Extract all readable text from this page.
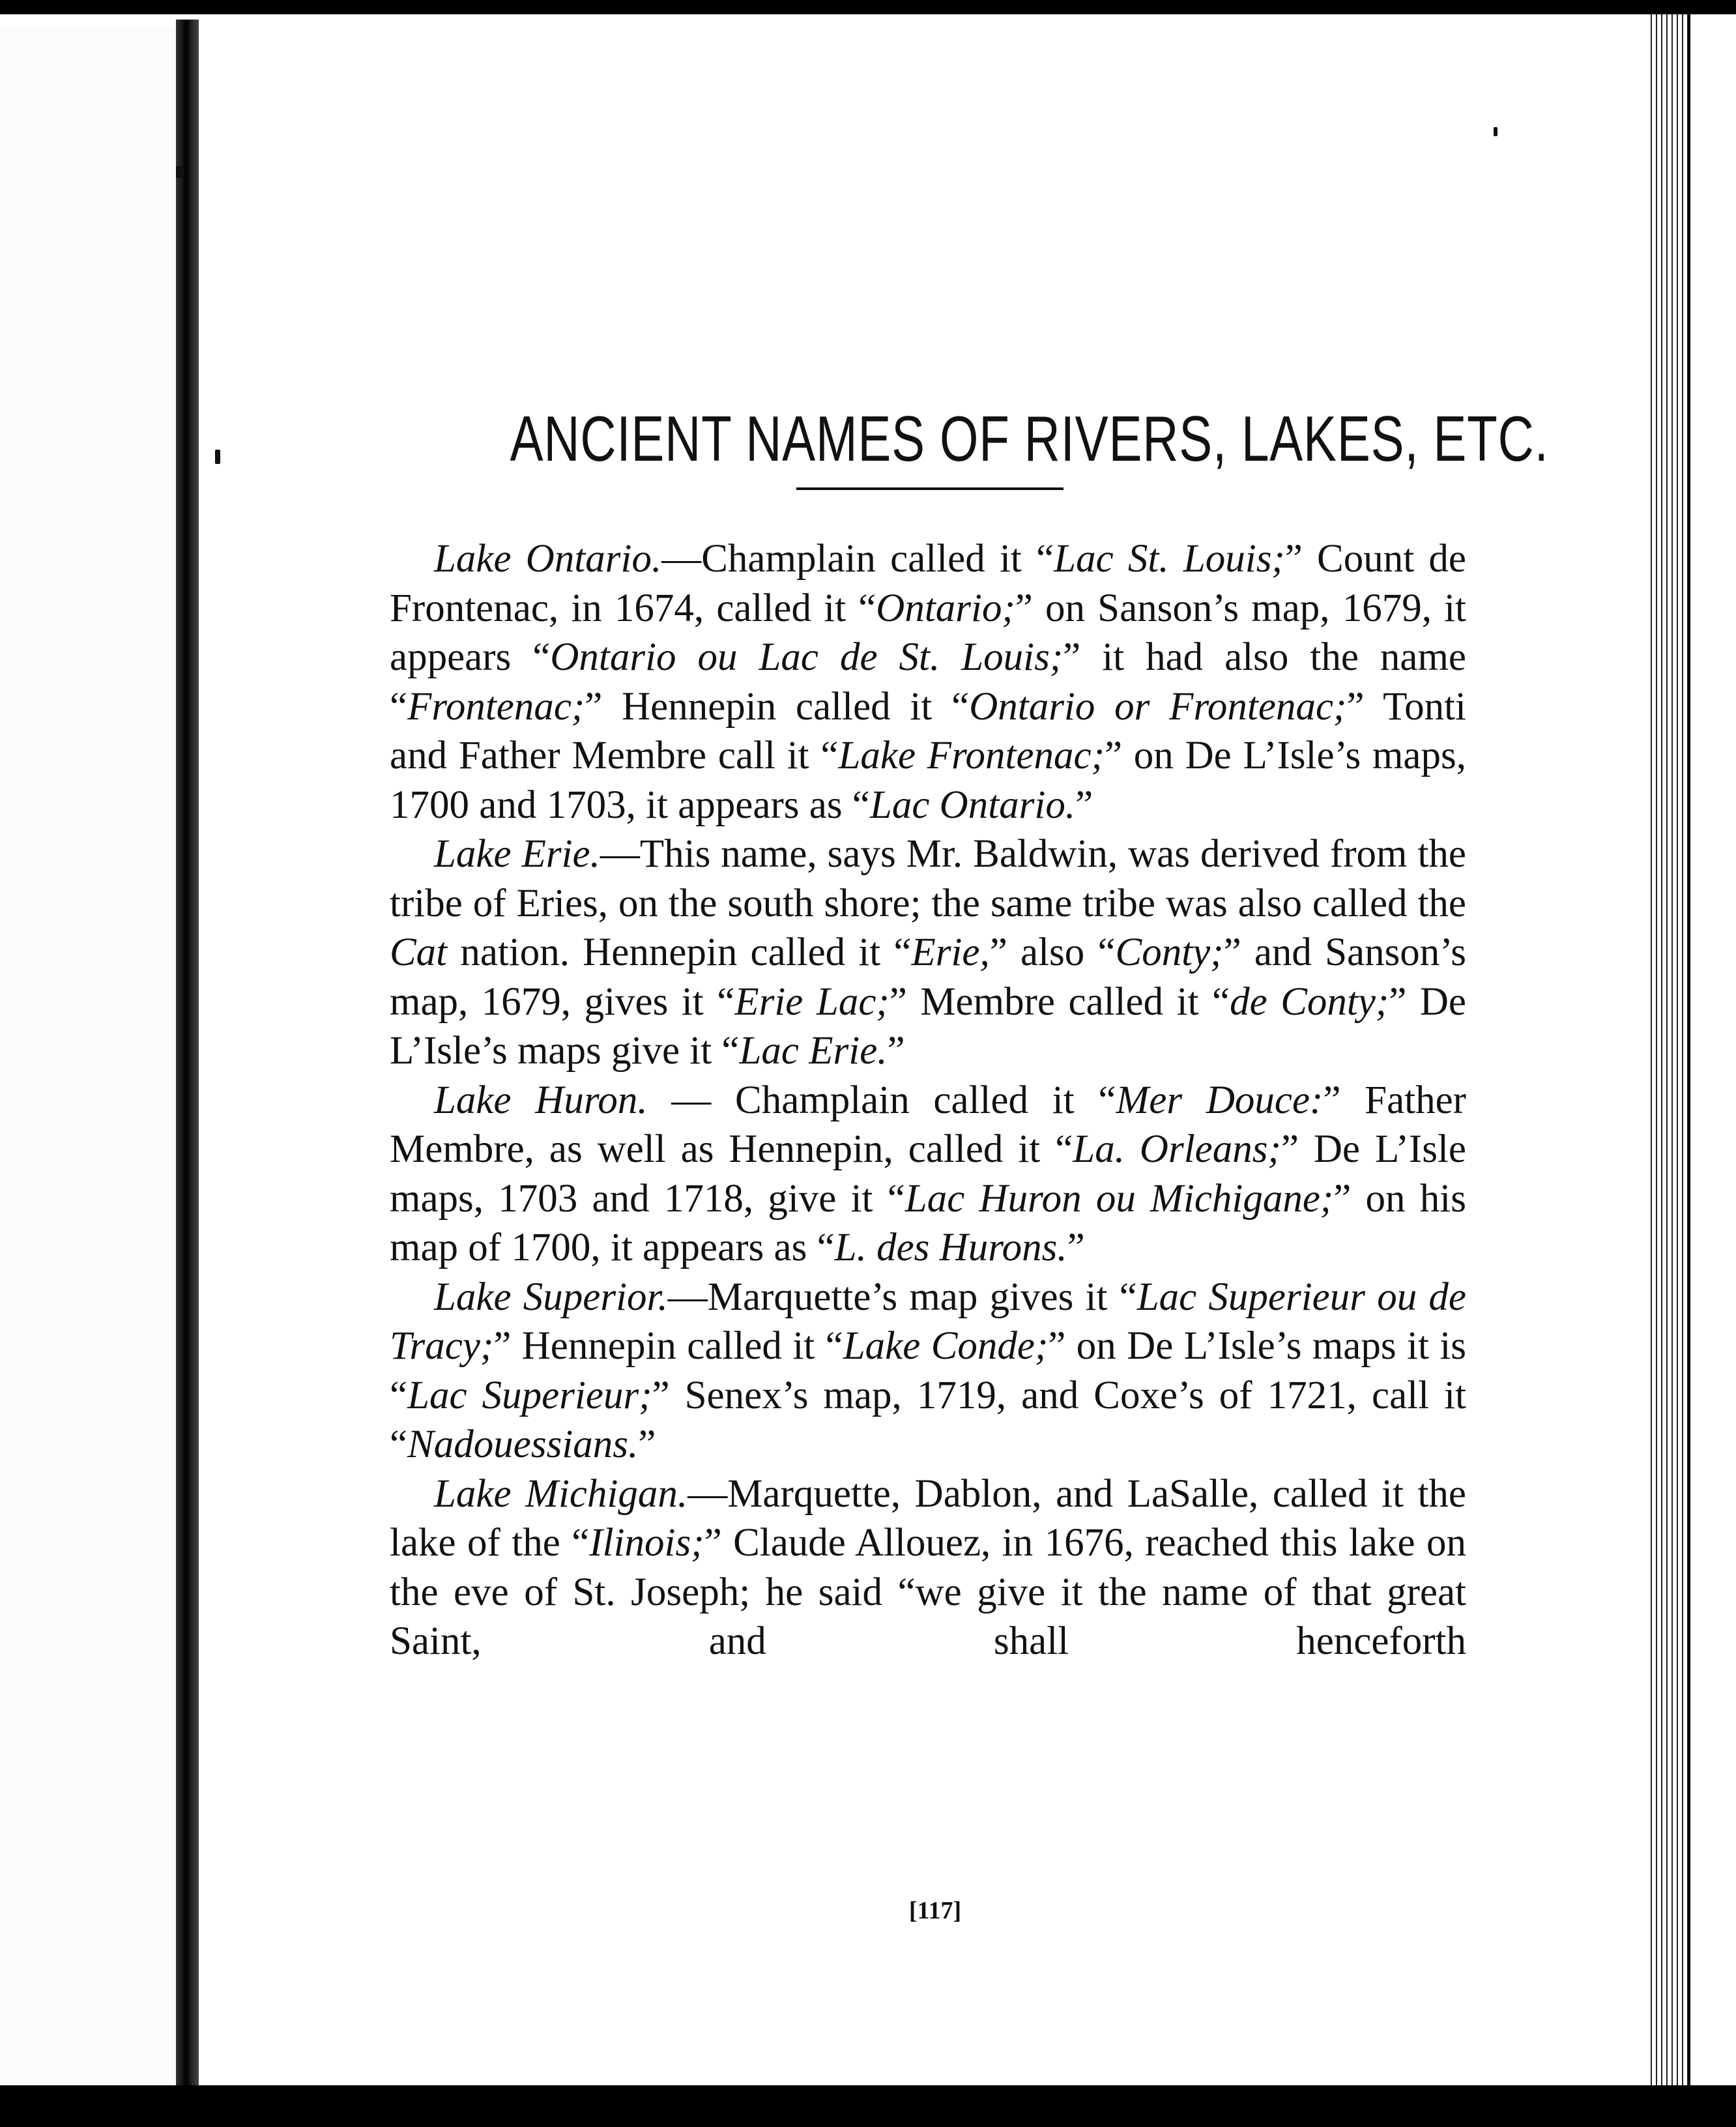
ANCIENT NAMES OF RIVERS, LAKES, ETC.

Lake Ontario.—Champlain called it “Lac St. Louis;” Count de Frontenac, in 1674, called it “Ontario;” on Sanson’s map, 1679, it appears “Ontario ou Lac de St. Louis;” it had also the name “Frontenac;” Hennepin called it “Ontario or Frontenac;” Tonti and Father Membre call it “Lake Frontenac;” on De L’Isle’s maps, 1700 and 1703, it appears as “Lac Ontario.”

Lake Erie.—This name, says Mr. Baldwin, was derived from the tribe of Eries, on the south shore; the same tribe was also called the Cat nation. Hennepin called it “Erie,” also “Conty;” and Sanson’s map, 1679, gives it “Erie Lac;” Membre called it “de Conty;” De L’Isle’s maps give it “Lac Erie.”

Lake Huron. — Champlain called it “Mer Douce:” Father Membre, as well as Hennepin, called it “La. Orleans;” De L’Isle maps, 1703 and 1718, give it “Lac Huron ou Michigane;” on his map of 1700, it appears as “L. des Hurons.”

Lake Superior.—Marquette’s map gives it “Lac Superieur ou de Tracy;” Hennepin called it “Lake Conde;” on De L’Isle’s maps it is “Lac Superieur;” Senex’s map, 1719, and Coxe’s of 1721, call it “Nadouessians.”

Lake Michigan.—Marquette, Dablon, and LaSalle, called it the lake of the “Ilinois;” Claude Allouez, in 1676, reached this lake on the eve of St. Joseph; he said “we give it the name of that great Saint, and shall henceforth

[117]
